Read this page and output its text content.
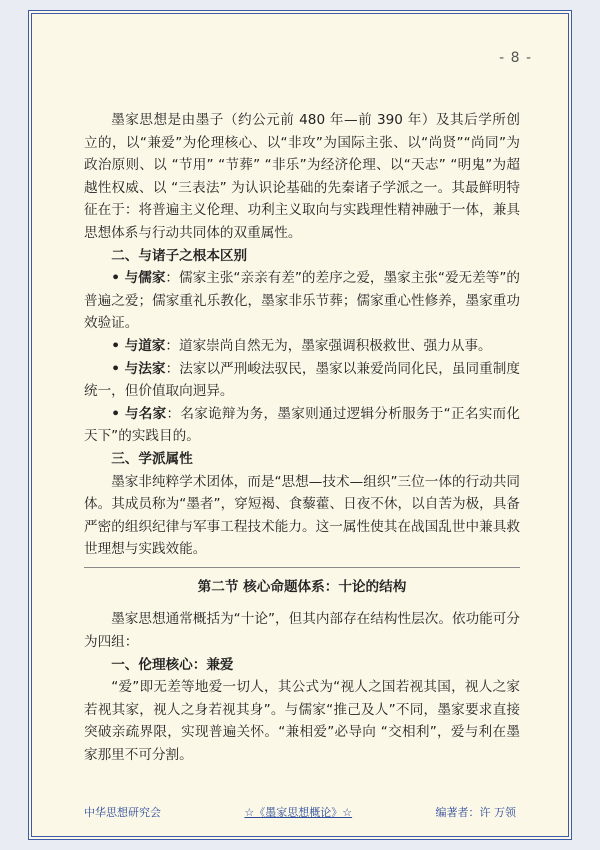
- 8 -

墨家思想是由墨子（约公元前 480 年—前 390 年）及其后学所创立的，以“兼爱”为伦理核心、以“非攻”为国际主张、以“尚贤”“尚同”为政治原则、以 “节用” “节葬” “非乐”为经济伦理、以“天志” “明鬼”为超越性权威、以 “三表法” 为认识论基础的先秦诸子学派之一。其最鲜明特征在于：将普遍主义伦理、功利主义取向与实践理性精神融于一体，兼具思想体系与行动共同体的双重属性。

二、与诸子之根本区别

• 与儒家：儒家主张“亲亲有差”的差序之爱，墨家主张“爱无差等”的普遍之爱；儒家重礼乐教化，墨家非乐节葬；儒家重心性修养，墨家重功效验证。

• 与道家：道家崇尚自然无为，墨家强调积极救世、强力从事。

• 与法家：法家以严刑峻法驭民，墨家以兼爱尚同化民，虽同重制度统一，但价值取向迥异。

• 与名家：名家诡辩为务，墨家则通过逻辑分析服务于“正名实而化天下”的实践目的。

三、学派属性

墨家非纯粹学术团体，而是“思想—技术—组织”三位一体的行动共同体。其成员称为“墨者”，穿短褐、食藜藿、日夜不休，以自苦为极，具备严密的组织纪律与军事工程技术能力。这一属性使其在战国乱世中兼具救世理想与实践效能。

第二节 核心命题体系：十论的结构

墨家思想通常概括为“十论”，但其内部存在结构性层次。依功能可分为四组：

一、伦理核心：兼爱

“爱”即无差等地爱一切人，其公式为“视人之国若视其国，视人之家若视其家，视人之身若视其身”。与儒家“推己及人”不同，墨家要求直接突破亲疏界限，实现普遍关怀。“兼相爱”必导向 “交相利”，爱与利在墨家那里不可分割。

中华思想研究会	☆《墨家思想概论》☆	编著者：许 万领
